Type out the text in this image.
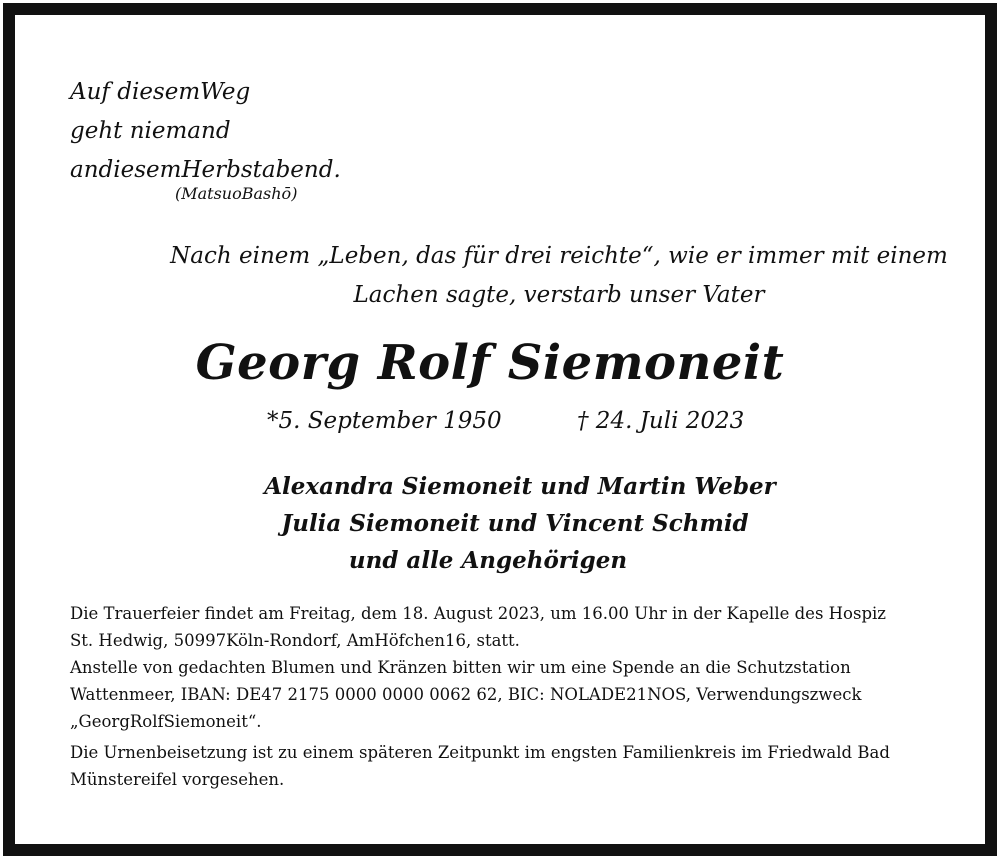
Auf diesemWeg
geht niemand
andiesemHerbstabend.
(MatsuoBashō)
Nach einem „Leben, das für drei reichte“, wie er immer mit einem
Lachen sagte, verstarb unser Vater
Georg Rolf Siemoneit
*5. September 1950	† 24. Juli 2023
Alexandra Siemoneit und Martin Weber
Julia Siemoneit und Vincent Schmid
und alle Angehörigen

Die Trauerfeier findet am Freitag, dem 18. August 2023, um 16.00 Uhr in der Kapelle des Hospiz
St. Hedwig, 50997Köln-Rondorf, AmHöfchen16, statt.

Anstelle von gedachten Blumen und Kränzen bitten wir um eine Spende an die Schutzstation
Wattenmeer, IBAN: DE47 2175 0000 0000 0062 62, BIC: NOLADE21NOS, Verwendungszweck
„GeorgRolfSiemoneit“.

Die Urnenbeisetzung ist zu einem späteren Zeitpunkt im engsten Familienkreis im Friedwald Bad
Münstereifel vorgesehen.
